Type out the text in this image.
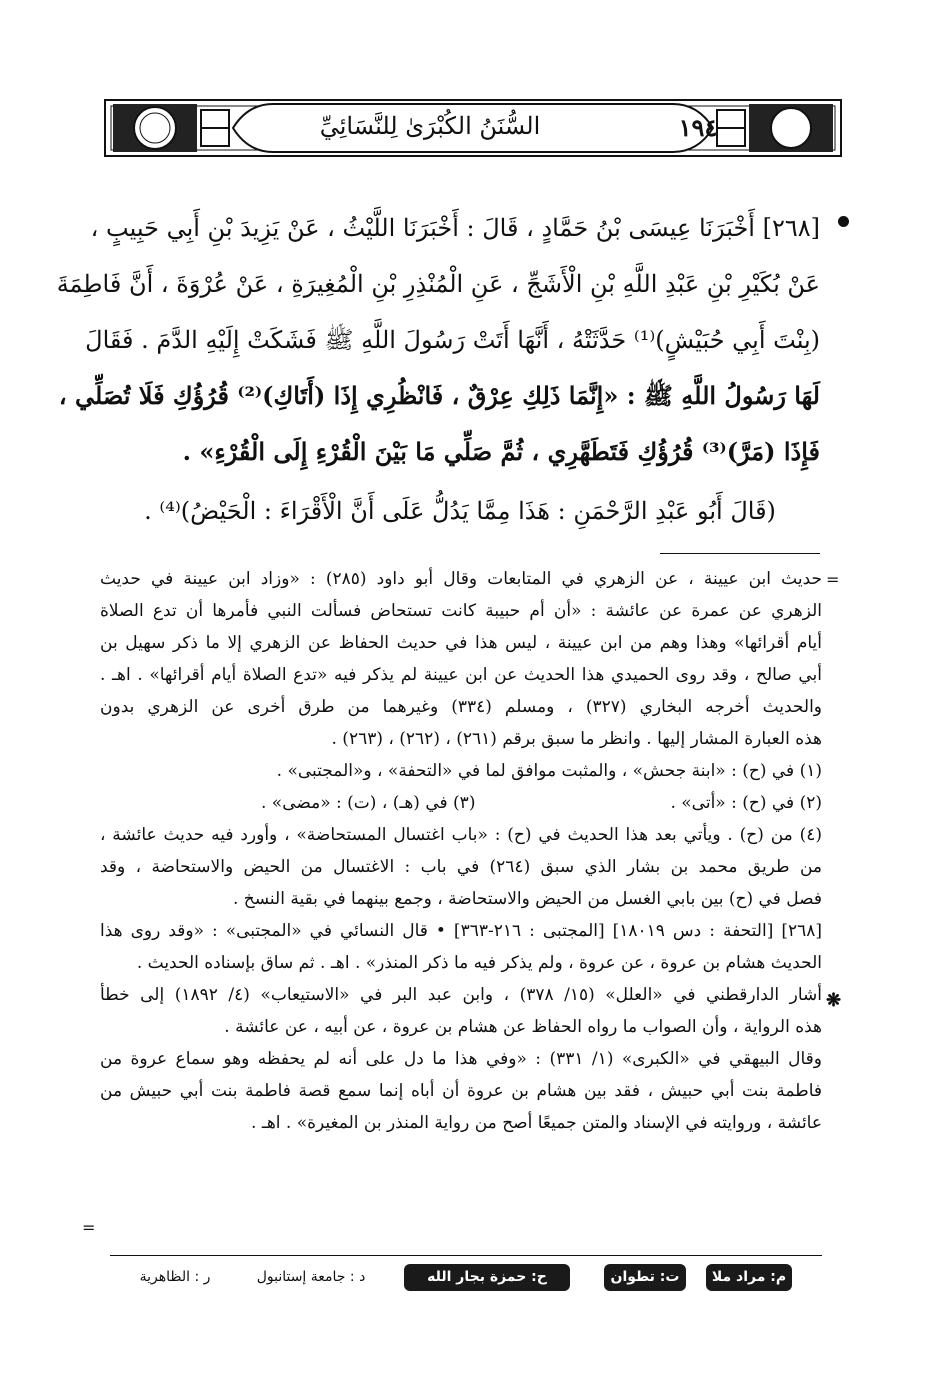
١٩٤
السُّنَنُ الكُبْرَىٰ لِلنَّسَائِيِّ
[٢٦٨] أَخْبَرَنَا عِيسَى بْنُ حَمَّادٍ ، قَالَ : أَخْبَرَنَا اللَّيْثُ ، عَنْ يَزِيدَ بْنِ أَبِي حَبِيبٍ ،
عَنْ بُكَيْرِ بْنِ عَبْدِ اللَّهِ بْنِ الْأَشَجِّ ، عَنِ الْمُنْذِرِ بْنِ الْمُغِيرَةِ ، عَنْ عُرْوَةَ ، أَنَّ فَاطِمَةَ
(بِنْتَ أَبِي حُبَيْشٍ)⁽¹⁾ حَدَّثَتْهُ ، أَنَّهَا أَتَتْ رَسُولَ اللَّهِ ﷺ فَشَكَتْ إِلَيْهِ الدَّمَ . فَقَالَ
لَهَا رَسُولُ اللَّهِ ﷺ : «إِنَّمَا ذَلِكِ عِرْقٌ ، فَانْظُرِي إِذَا (أَتَاكِ)⁽²⁾ قُرُؤُكِ فَلَا تُصَلِّي ،
فَإِذَا (مَرَّ)⁽³⁾ قُرُؤُكِ فَتَطَهَّرِي ، ثُمَّ صَلِّي مَا بَيْنَ الْقُرْءِ إِلَى الْقُرْءِ» .
(قَالَ أَبُو عَبْدِ الرَّحْمَنِ : هَذَا مِمَّا يَدُلُّ عَلَى أَنَّ الْأَقْرَاءَ : الْحَيْضُ)⁽⁴⁾ .
=
حديث ابن عيينة ، عن الزهري في المتابعات وقال أبو داود (٢٨٥) : «وزاد ابن عيينة في حديث
الزهري عن عمرة عن عائشة : «أن أم حبيبة كانت تستحاض فسألت النبي فأمرها أن تدع الصلاة
أيام أقرائها» وهذا وهم من ابن عيينة ، ليس هذا في حديث الحفاظ عن الزهري إلا ما ذكر سهيل بن
أبي صالح ، وقد روى الحميدي هذا الحديث عن ابن عيينة لم يذكر فيه «تدع الصلاة أيام أقرائها» . اهـ .
والحديث أخرجه البخاري (٣٢٧) ، ومسلم (٣٣٤) وغيرهما من طرق أخرى عن الزهري بدون
هذه العبارة المشار إليها . وانظر ما سبق برقم (٢٦١) ، (٢٦٢) ، (٢٦٣) .
(١) في (ح) : «ابنة جحش» ، والمثبت موافق لما في «التحفة» ، و«المجتبى» .
(٢) في (ح) : «أتى» .(٣) في (هـ) ، (ت) : «مضى» .
(٤) من (ح) . ويأتي بعد هذا الحديث في (ح) : «باب اغتسال المستحاضة» ، وأورد فيه حديث عائشة ،
من طريق محمد بن بشار الذي سبق (٢٦٤) في باب : الاغتسال من الحيض والاستحاضة ، وقد
فصل في (ح) بين بابي الغسل من الحيض والاستحاضة ، وجمع بينهما في بقية النسخ .
[٢٦٨] [التحفة : دس ١٨٠١٩] [المجتبى : ٢١٦-٣٦٣] • قال النسائي في «المجتبى» : «وقد روى هذا
الحديث هشام بن عروة ، عن عروة ، ولم يذكر فيه ما ذكر المنذر» . اهـ . ثم ساق بإسناده الحديث .
أشار الدارقطني في «العلل» (١٥/ ٣٧٨) ، وابن عبد البر في «الاستيعاب» (٤/ ١٨٩٢) إلى خطأ
هذه الرواية ، وأن الصواب ما رواه الحفاظ عن هشام بن عروة ، عن أبيه ، عن عائشة .
وقال البيهقي في «الكبرى» (١/ ٣٣١) : «وفي هذا ما دل على أنه لم يحفظه وهو سماع عروة من
فاطمة بنت أبي حبيش ، فقد بين هشام بن عروة أن أباه إنما سمع قصة فاطمة بنت أبي حبيش من
عائشة ، وروايته في الإسناد والمتن جميعًا أصح من رواية المنذر بن المغيرة» . اهـ .
❋
=
م: مراد ملا
ت: تطوان
ح: حمزة بجار الله
د : جامعة إستانبول
ر : الظاهرية
